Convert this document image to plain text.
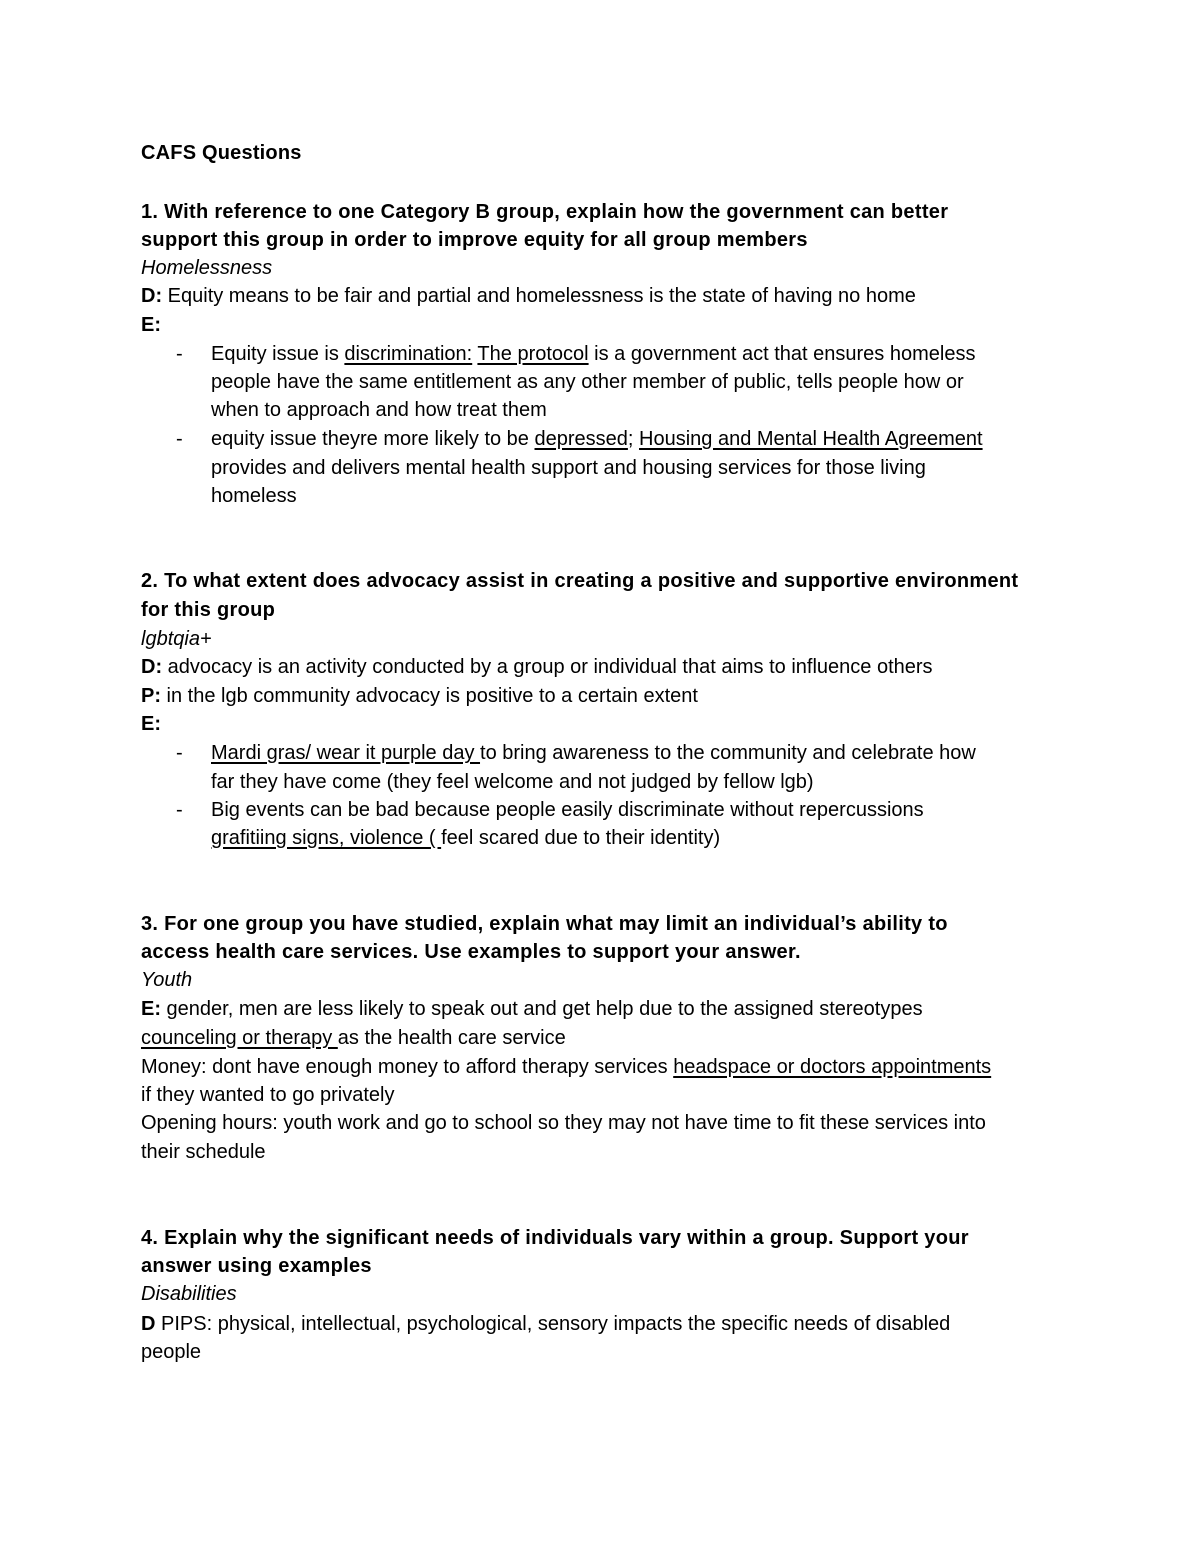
CAFS Questions
1. With reference to one Category B group, explain how the government can better
support this group in order to improve equity for all group members
Homelessness
D: Equity means to be fair and partial and homelessness is the state of having no home
E:
- Equity issue is discrimination: The protocol is a government act that ensures homeless
people have the same entitlement as any other member of public, tells people how or
when to approach and how treat them
- equity issue theyre more likely to be depressed; Housing and Mental Health Agreement
provides and delivers mental health support and housing services for those living
homeless
2. To what extent does advocacy assist in creating a positive and supportive environment
for this group
lgbtqia+
D: advocacy is an activity conducted by a group or individual that aims to influence others
P: in the lgb community advocacy is positive to a certain extent
E:
- Mardi gras/ wear it purple day to bring awareness to the community and celebrate how
far they have come (they feel welcome and not judged by fellow lgb)
- Big events can be bad because people easily discriminate without repercussions
grafitiing signs, violence ( feel scared due to their identity)
3. For one group you have studied, explain what may limit an individual’s ability to
access health care services. Use examples to support your answer.
Youth
E: gender, men are less likely to speak out and get help due to the assigned stereotypes
counceling or therapy as the health care service
Money: dont have enough money to afford therapy services headspace or doctors appointments
if they wanted to go privately
Opening hours: youth work and go to school so they may not have time to fit these services into
their schedule
4. Explain why the significant needs of individuals vary within a group. Support your
answer using examples
Disabilities
D PIPS: physical, intellectual, psychological, sensory impacts the specific needs of disabled
people
